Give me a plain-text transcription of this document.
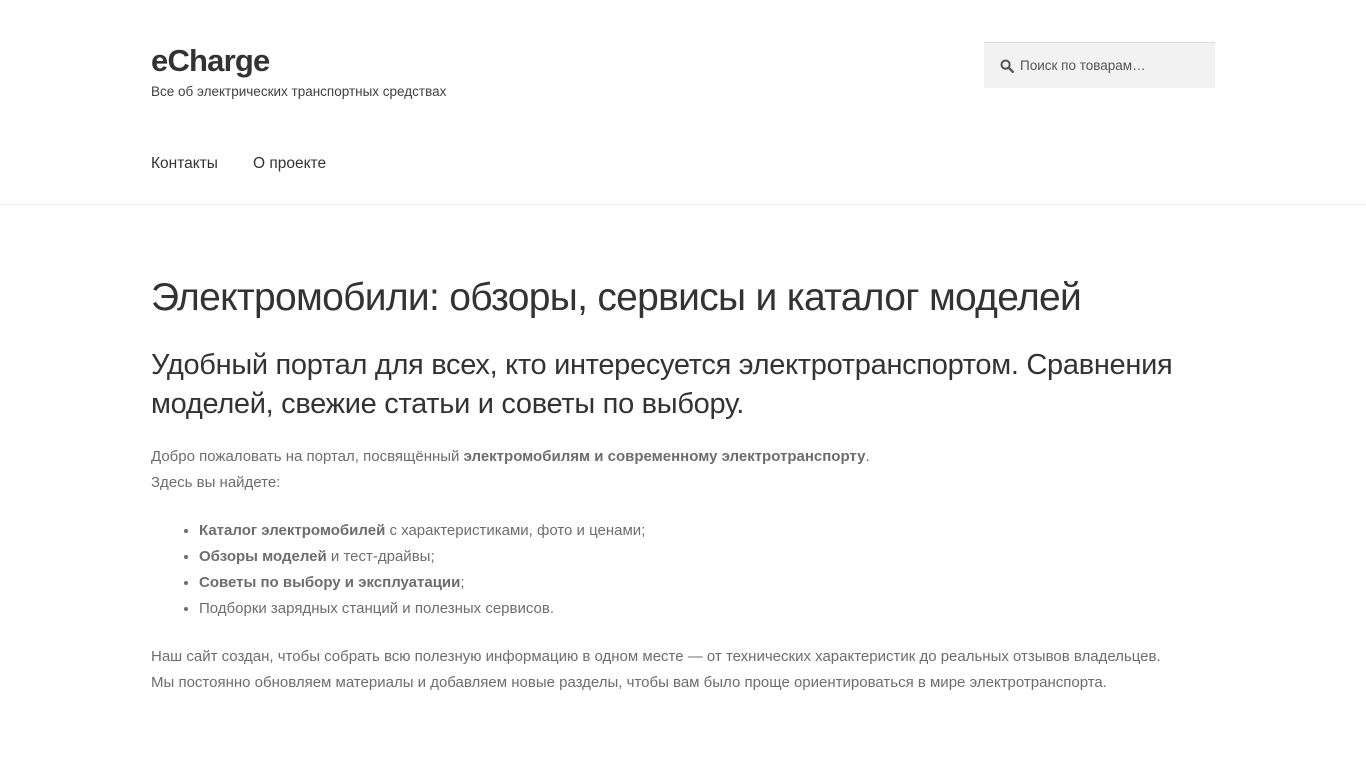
eCharge
Все об электрических транспортных средствах
Поиск по товарам…
Контакты О проекте
Электромобили: обзоры, сервисы и каталог моделей
Удобный портал для всех, кто интересуется электротранспортом. Сравнения моделей, свежие статьи и советы по выбору.

Добро пожаловать на портал, посвящённый электромобилям и современному электротранспорту.
Здесь вы найдете:

• Каталог электромобилей с характеристиками, фото и ценами;
• Обзоры моделей и тест-драйвы;
• Советы по выбору и эксплуатации;
• Подборки зарядных станций и полезных сервисов.

Наш сайт создан, чтобы собрать всю полезную информацию в одном месте — от технических характеристик до реальных отзывов владельцев.
Мы постоянно обновляем материалы и добавляем новые разделы, чтобы вам было проще ориентироваться в мире электротранспорта.
